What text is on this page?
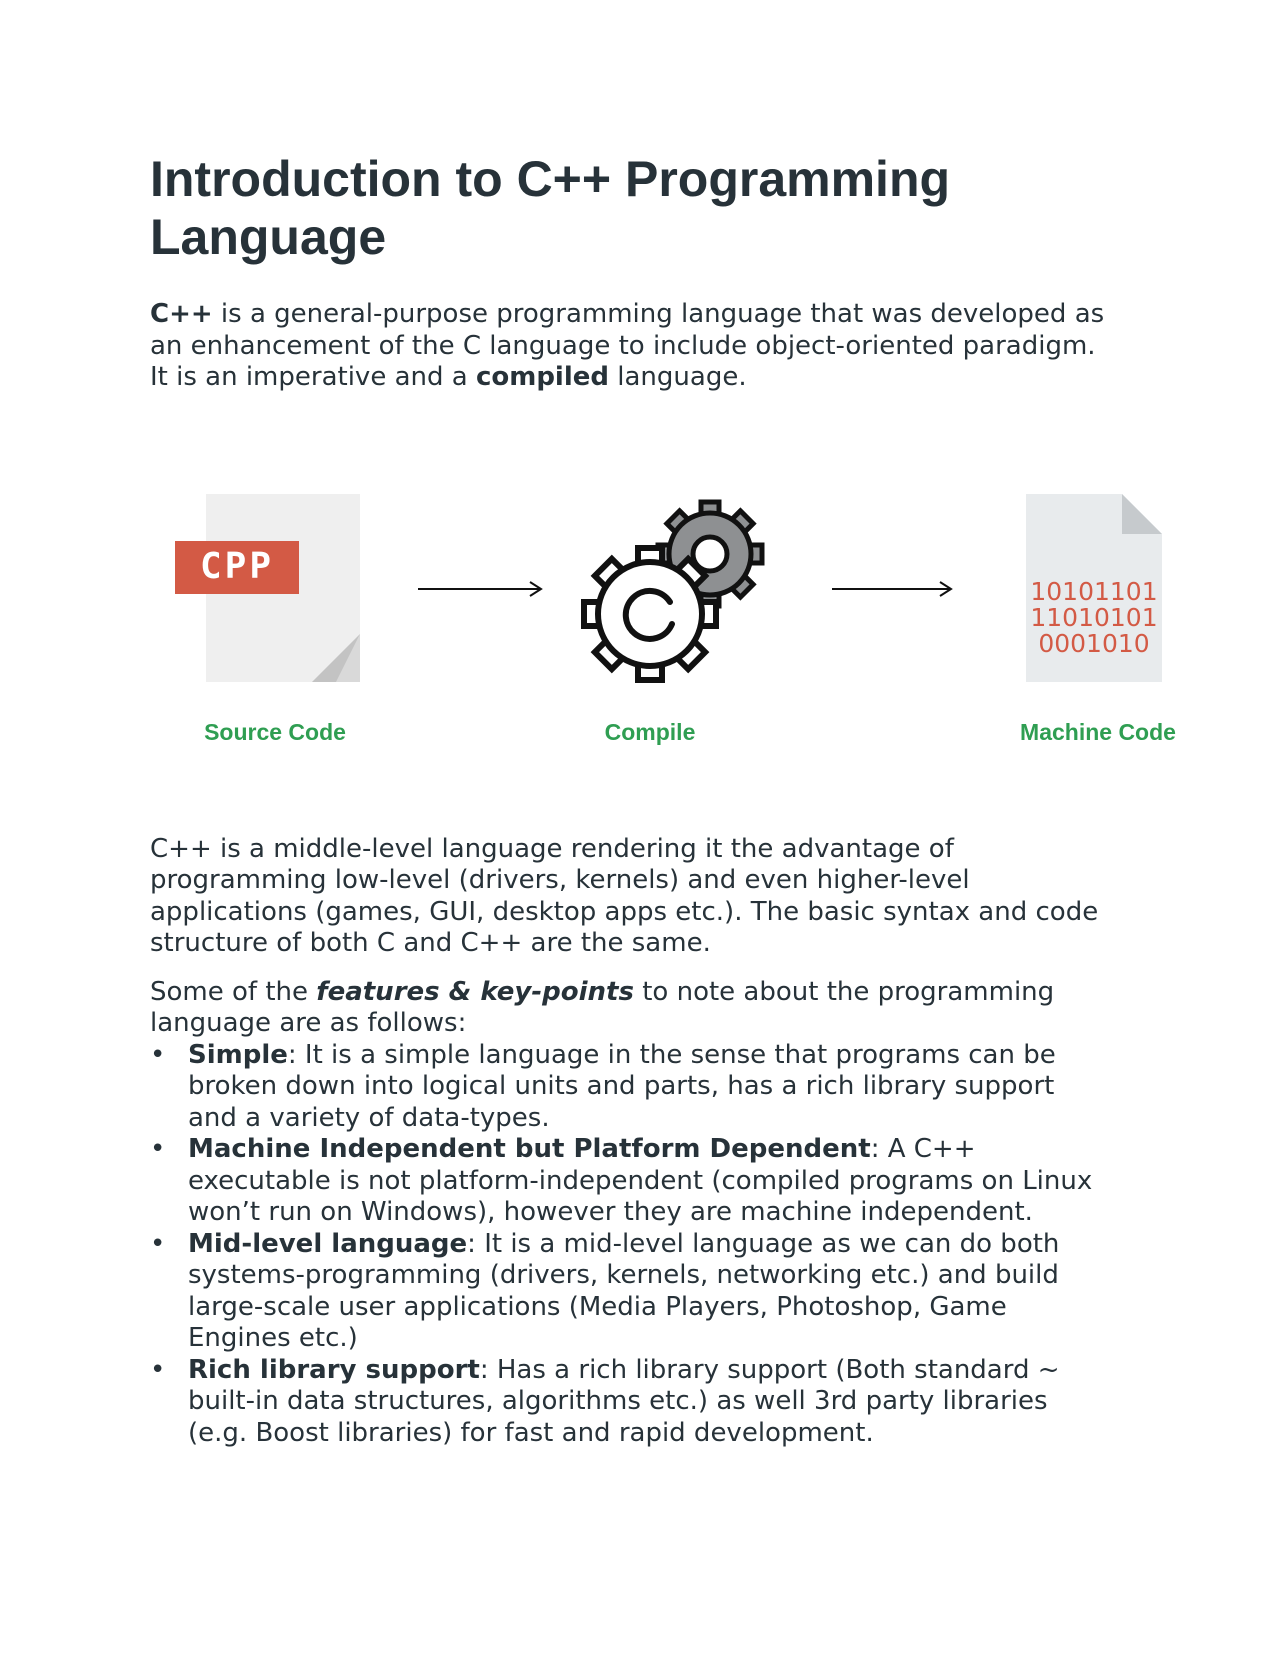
Introduction to C++ Programming Language

C++ is a general-purpose programming language that was developed as an enhancement of the C language to include object-oriented paradigm. It is an imperative and a compiled language.

CPP
10101101
11010101
0001010
Source Code	Compile	Machine Code

C++ is a middle-level language rendering it the advantage of programming low-level (drivers, kernels) and even higher-level applications (games, GUI, desktop apps etc.). The basic syntax and code structure of both C and C++ are the same.

Some of the features & key-points to note about the programming language are as follows:

• Simple: It is a simple language in the sense that programs can be broken down into logical units and parts, has a rich library support and a variety of data-types.
• Machine Independent but Platform Dependent: A C++ executable is not platform-independent (compiled programs on Linux won’t run on Windows), however they are machine independent.
• Mid-level language: It is a mid-level language as we can do both systems-programming (drivers, kernels, networking etc.) and build large-scale user applications (Media Players, Photoshop, Game Engines etc.)
• Rich library support: Has a rich library support (Both standard ~ built-in data structures, algorithms etc.) as well 3rd party libraries (e.g. Boost libraries) for fast and rapid development.
